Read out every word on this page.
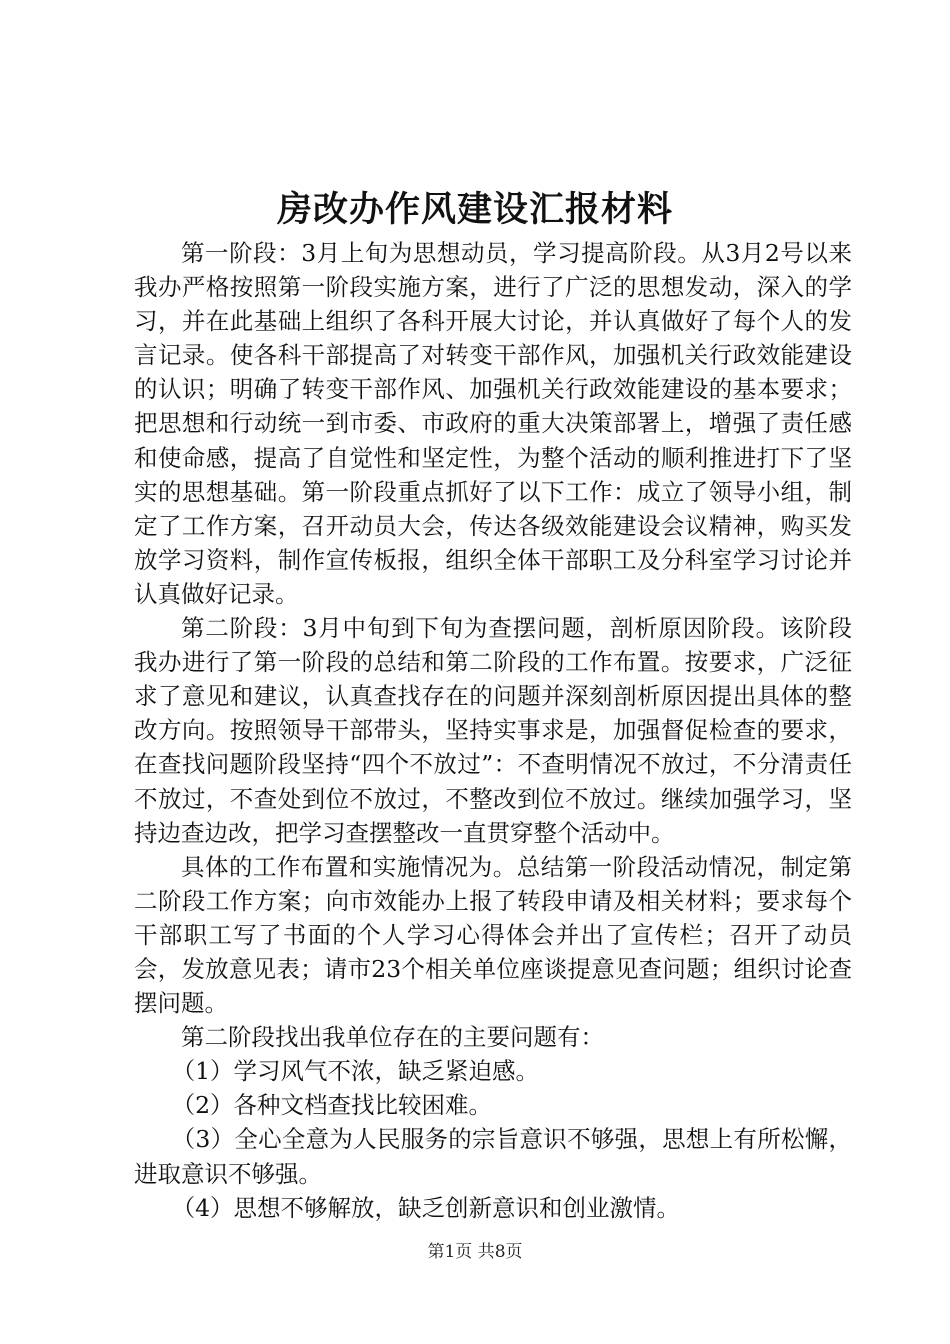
房改办作风建设汇报材料

第一阶段：3月上旬为思想动员，学习提高阶段。从3月2号以来我办严格按照第一阶段实施方案，进行了广泛的思想发动，深入的学习，并在此基础上组织了各科开展大讨论，并认真做好了每个人的发言记录。使各科干部提高了对转变干部作风，加强机关行政效能建设的认识；明确了转变干部作风、加强机关行政效能建设的基本要求；把思想和行动统一到市委、市政府的重大决策部署上，增强了责任感和使命感，提高了自觉性和坚定性，为整个活动的顺利推进打下了坚实的思想基础。第一阶段重点抓好了以下工作：成立了领导小组，制定了工作方案，召开动员大会，传达各级效能建设会议精神，购买发放学习资料，制作宣传板报，组织全体干部职工及分科室学习讨论并认真做好记录。

第二阶段：3月中旬到下旬为查摆问题，剖析原因阶段。该阶段我办进行了第一阶段的总结和第二阶段的工作布置。按要求，广泛征求了意见和建议，认真查找存在的问题并深刻剖析原因提出具体的整改方向。按照领导干部带头，坚持实事求是，加强督促检查的要求，在查找问题阶段坚持“四个不放过”：不查明情况不放过，不分清责任不放过，不查处到位不放过，不整改到位不放过。继续加强学习，坚持边查边改，把学习查摆整改一直贯穿整个活动中。

具体的工作布置和实施情况为。总结第一阶段活动情况，制定第二阶段工作方案；向市效能办上报了转段申请及相关材料；要求每个干部职工写了书面的个人学习心得体会并出了宣传栏；召开了动员会，发放意见表；请市23个相关单位座谈提意见查问题；组织讨论查摆问题。

第二阶段找出我单位存在的主要问题有：

（1）学习风气不浓，缺乏紧迫感。

（2）各种文档查找比较困难。

（3）全心全意为人民服务的宗旨意识不够强，思想上有所松懈，进取意识不够强。

（4）思想不够解放，缺乏创新意识和创业激情。

第1页 共8页
